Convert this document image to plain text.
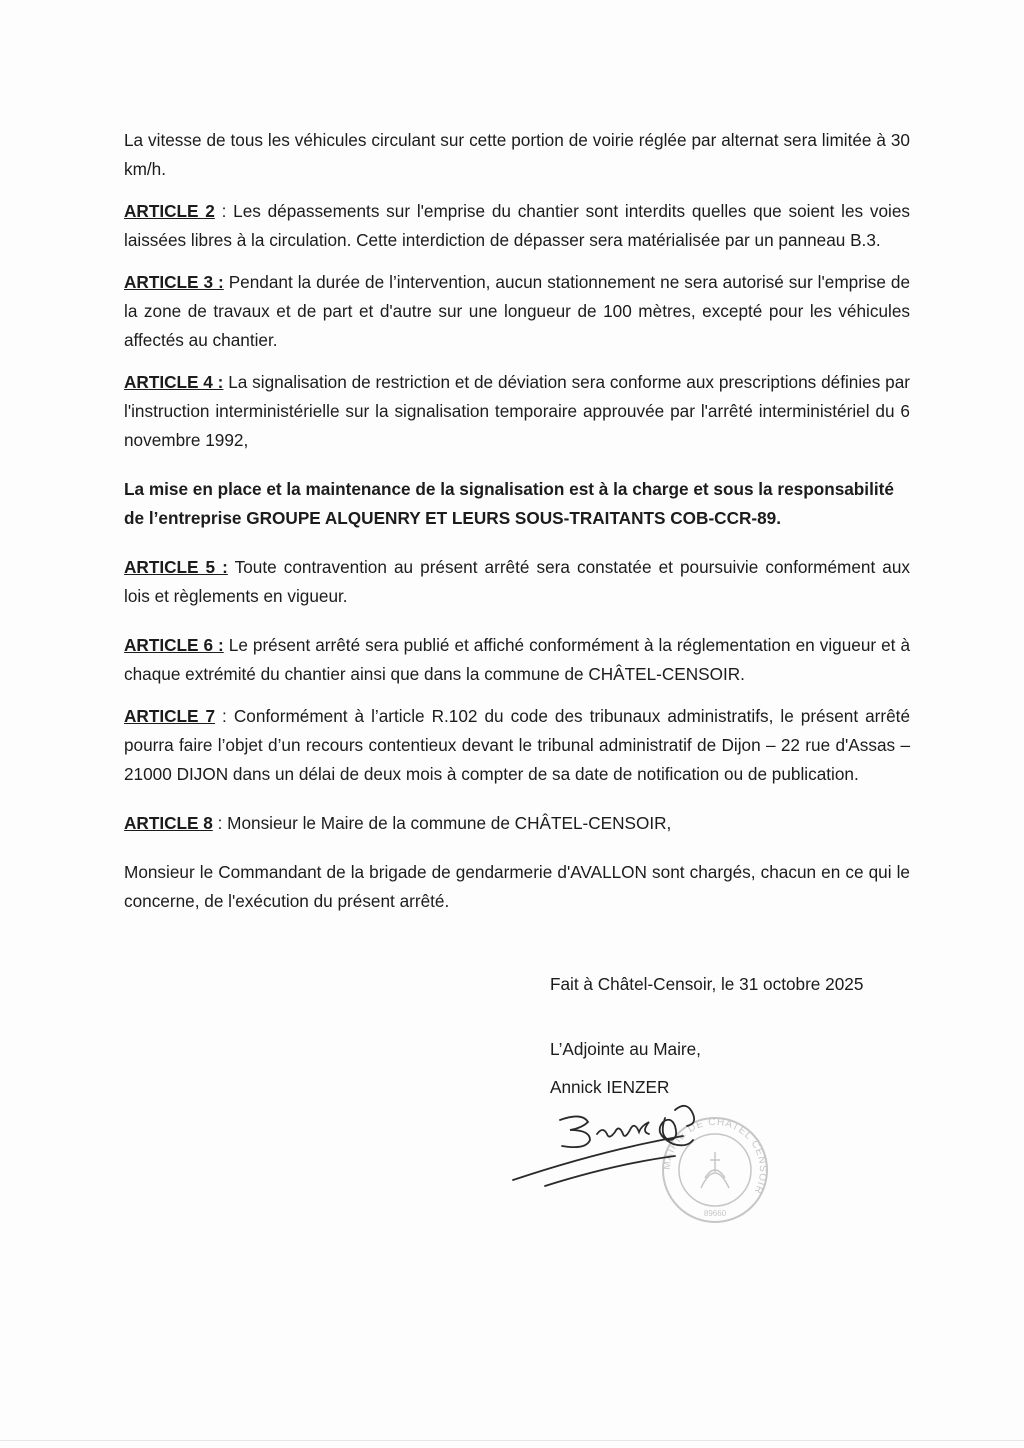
La vitesse de tous les véhicules circulant sur cette portion de voirie réglée par alternat sera limitée à 30 km/h.

ARTICLE 2 : Les dépassements sur l'emprise du chantier sont interdits quelles que soient les voies laissées libres à la circulation. Cette interdiction de dépasser sera matérialisée par un panneau B.3.

ARTICLE 3 : Pendant la durée de l’intervention, aucun stationnement ne sera autorisé sur l'emprise de la zone de travaux et de part et d'autre sur une longueur de 100 mètres, excepté pour les véhicules affectés au chantier.

ARTICLE 4 : La signalisation de restriction et de déviation sera conforme aux prescriptions définies par l'instruction interministérielle sur la signalisation temporaire approuvée par l'arrêté interministériel du 6 novembre 1992,

La mise en place et la maintenance de la signalisation est à la charge et sous la responsabilité de l’entreprise GROUPE ALQUENRY ET LEURS SOUS-TRAITANTS COB-CCR-89.

ARTICLE 5 : Toute contravention au présent arrêté sera constatée et poursuivie conformément aux lois et règlements en vigueur.

ARTICLE 6 : Le présent arrêté sera publié et affiché conformément à la réglementation en vigueur et à chaque extrémité du chantier ainsi que dans la commune de CHÂTEL-CENSOIR.

ARTICLE 7 : Conformément à l’article R.102 du code des tribunaux administratifs, le présent arrêté pourra faire l’objet d’un recours contentieux devant le tribunal administratif de Dijon – 22 rue d'Assas – 21000 DIJON dans un délai de deux mois à compter de sa date de notification ou de publication.

ARTICLE 8 : Monsieur le Maire de la commune de CHÂTEL-CENSOIR,

Monsieur le Commandant de la brigade de gendarmerie d'AVALLON sont chargés, chacun en ce qui le concerne, de l'exécution du présent arrêté.

Fait à Châtel-Censoir, le 31 octobre 2025
L’Adjointe au Maire,
Annick IENZER
MAIRIE DE CHATEL CENSOIR
89660
